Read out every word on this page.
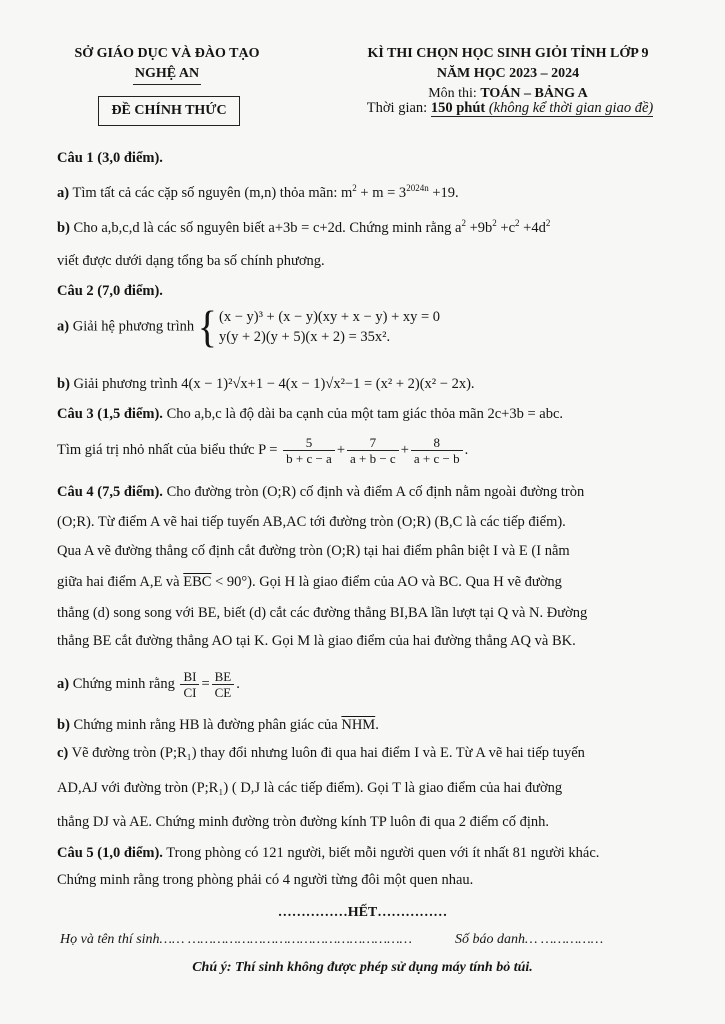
SỞ GIÁO DỤC VÀ ĐÀO TẠO
NGHỆ AN
ĐỀ CHÍNH THỨC
KÌ THI CHỌN HỌC SINH GIỎI TỈNH LỚP 9
NĂM HỌC 2023 – 2024
Môn thi: TOÁN – BẢNG A
Thời gian: 150 phút (không kể thời gian giao đề)
Câu 1 (3,0 điểm).
a) Tìm tất cả các cặp số nguyên (m,n) thỏa mãn: $m^2 + m = 3^{2024n} +19$.
b) Cho a,b,c,d là các số nguyên biết a+3b = c+2d. Chứng minh rằng $a^2 +9b^2 +c^2 +4d^2$
viết được dưới dạng tổng ba số chính phương.
Câu 2 (7,0 điểm).
a) Giải hệ phương trình { (x − y)³ + (x − y)(xy + x − y) + xy = 0
y(y + 2)(y + 5)(x + 2) = 35x².
b) Giải phương trình 4(x − 1)²√x+1 − 4(x − 1)√x²−1 = (x² + 2)(x² − 2x).
Câu 3 (1,5 điểm). Cho a,b,c là độ dài ba cạnh của một tam giác thỏa mãn 2c+3b = abc.
Tìm giá trị nhỏ nhất của biểu thức $P = \frac{5}{b + c - a} + \frac{7}{a + b - c} + \frac{8}{a + c - b}$ .
Câu 4 (7,5 điểm). Cho đường tròn (O;R) cố định và điểm A cố định nằm ngoài đường tròn
(O;R). Từ điểm A vẽ hai tiếp tuyến AB,AC tới đường tròn (O;R) (B,C là các tiếp điểm).
Qua A vẽ đường thẳng cố định cắt đường tròn (O;R) tại hai điểm phân biệt I và E (I nằm
giữa hai điểm A,E và $\overline{EBC} < 90^\circ$). Gọi H là giao điểm của AO và BC. Qua H vẽ đường
thẳng (d) song song với BE, biết (d) cắt các đường thẳng BI,BA lần lượt tại Q và N. Đường
thẳng BE cắt đường thẳng AO tại K. Gọi M là giao điểm của hai đường thẳng AQ và BK.
a) Chứng minh rằng $\frac{BI}{CI} = \frac{BE}{CE}$ .
b) Chứng minh rằng HB là đường phân giác của $\overline{NHM}$.
c) Vẽ đường tròn (P;R₁) thay đổi nhưng luôn đi qua hai điểm I và E. Từ A vẽ hai tiếp tuyến
AD,AJ với đường tròn (P;R₁) ( D,J là các tiếp điểm). Gọi T là giao điểm của hai đường
thẳng DJ và AE. Chứng minh đường tròn đường kính TP luôn đi qua 2 điểm cố định.
Câu 5 (1,0 điểm). Trong phòng có 121 người, biết mỗi người quen với ít nhất 81 người khác.
Chứng minh rằng trong phòng phải có 4 người từng đôi một quen nhau.
……………HẾT……………
Họ và tên thí sinh…… ………………………………………………	Số báo danh… ……………
Chú ý: Thí sinh không được phép sử dụng máy tính bỏ túi.
